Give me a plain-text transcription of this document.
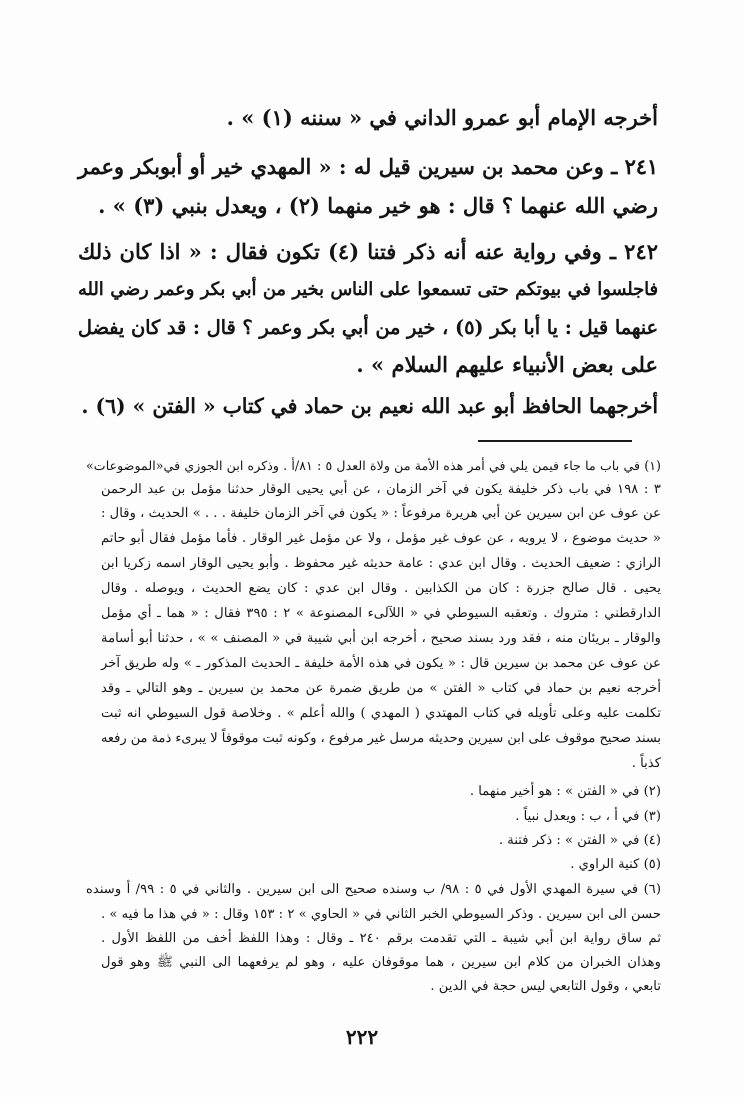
أخرجه الإمام أبو عمرو الداني في « سننه (١) » .
٢٤١ ـ وعن محمد بن سيرين قيل له : « المهدي خير أو أبوبكر وعمر
رضي الله عنهما ؟ قال : هو خير منهما (٢) ، ويعدل بنبي (٣) » .
٢٤٢ ـ وفي رواية عنه أنه ذكر فتنا (٤) تكون فقال : « اذا كان ذلك
فاجلسوا في بيوتكم حتى تسمعوا على الناس بخير من أبي بكر وعمر رضي الله
عنهما قيل : يا أبا بكر (٥) ، خير من أبي بكر وعمر ؟ قال : قد كان يفضل
على بعض الأنبياء عليهم السلام » .
أخرجهما الحافظ أبو عبد الله نعيم بن حماد في كتاب « الفتن » (٦) .
(١) في باب ما جاء فيمن يلي في أمر هذه الأمة من ولاة العدل ٥ : ٨١/أ . وذكره ابن الجوزي في«الموضوعات»
٣ : ١٩٨ في باب ذكر خليفة يكون في آخر الزمان ، عن أبي يحيى الوقار حدثنا مؤمل بن عبد الرحمن
عن عوف عن ابن سيرين عن أبي هريرة مرفوعاً : « يكون في آخر الزمان خليفة . . . » الحديث ، وقال :
« حديث موضوع ، لا يرويه ، عن عوف غير مؤمل ، ولا عن مؤمل غير الوقار . فأما مؤمل فقال أبو حاتم
الرازي : ضعيف الحديث . وقال ابن عدي : عامة حديثه غير محفوظ . وأبو يحيى الوقار اسمه زكريا ابن
يحيى . قال صالح جزرة : كان من الكذابين . وقال ابن عدي : كان يضع الحديث ، ويوصله . وقال
الدارقطني : متروك . وتعقبه السيوطي في « اللآلىء المصنوعة » ٢ : ٣٩٥ فقال : « هما ـ أي مؤمل
والوقار ـ بريئان منه ، فقد ورد بسند صحيح ، أخرجه ابن أبي شيبة في « المصنف » » ، حدثنا أبو أسامة
عن عوف عن محمد بن سيرين قال : « يكون في هذه الأمة خليفة ـ الحديث المذكور ـ » وله طريق آخر
أخرجه نعيم بن حماد في كتاب « الفتن » من طريق ضمرة عن محمد بن سيرين ـ وهو التالي ـ وقد
تكلمت عليه وعلى تأويله في كتاب المهتدي ( المهدي ) والله أعلم » . وخلاصة قول السيوطي انه ثبت
بسند صحيح موقوف على ابن سيرين وحديثه مرسل غير مرفوع ، وكونه ثبت موقوفاً لا يبرىء ذمة من رفعه
كذباً .
(٢) في « الفتن » : هو أخير منهما .
(٣) في أ ، ب : ويعدل نبياً .
(٤) في « الفتن » : ذكر فتنة .
(٥) كنية الراوي .
(٦) في سيرة المهدي الأول في ٥ : ٩٨/ ب وسنده صحيح الى ابن سيرين . والثاني في ٥ : ٩٩/ أ وسنده
حسن الى ابن سيرين . وذكر السيوطي الخبر الثاني في « الحاوي » ٢ : ١٥٣ وقال : « في هذا ما فيه » .
ثم ساق رواية ابن أبي شيبة ـ التي تقدمت برقم ٢٤٠ ـ وقال : وهذا اللفظ أخف من اللفظ الأول .
وهذان الخبران من كلام ابن سيرين ، هما موقوفان عليه ، وهو لم يرفعهما الى النبي ﷺ وهو قول
تابعي ، وقول التابعي ليس حجة في الدين .
٢٢٢
